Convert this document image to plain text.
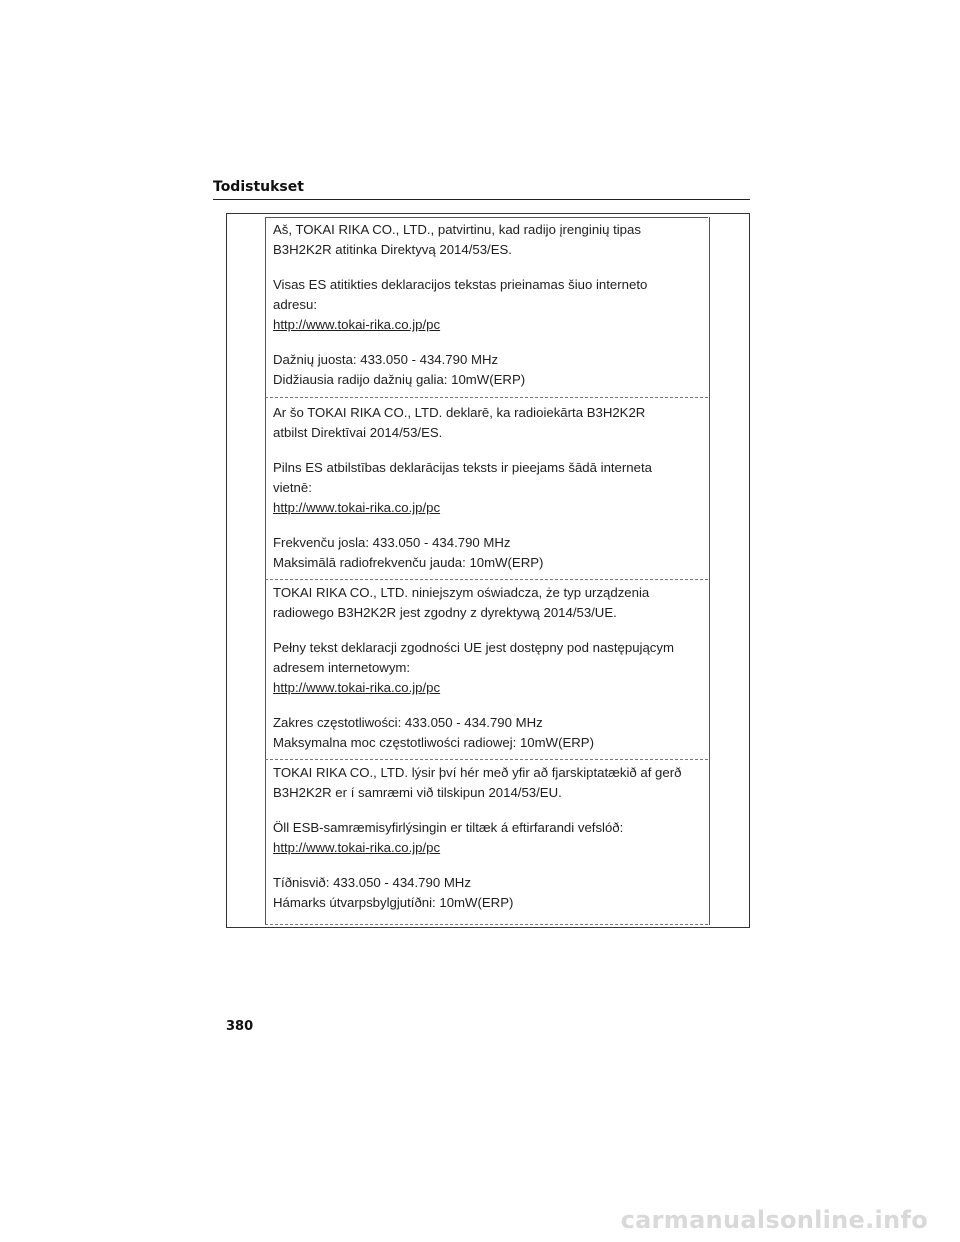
Todistukset

Aš, TOKAI RIKA CO., LTD., patvirtinu, kad radijo įrenginių tipas

B3H2K2R atitinka Direktyvą 2014/53/ES.

Visas ES atitikties deklaracijos tekstas prieinamas šiuo interneto

adresu:

http://www.tokai-rika.co.jp/pc

Dažnių juosta: 433.050 - 434.790 MHz

Didžiausia radijo dažnių galia: 10mW(ERP)

Ar šo TOKAI RIKA CO., LTD. deklarē, ka radioiekārta B3H2K2R

atbilst Direktīvai 2014/53/ES.

Pilns ES atbilstības deklarācijas teksts ir pieejams šādā interneta

vietnē:

http://www.tokai-rika.co.jp/pc

Frekvenču josla: 433.050 - 434.790 MHz

Maksimālā radiofrekvenču jauda: 10mW(ERP)

TOKAI RIKA CO., LTD. niniejszym oświadcza, że typ urządzenia

radiowego B3H2K2R jest zgodny z dyrektywą 2014/53/UE.

Pełny tekst deklaracji zgodności UE jest dostępny pod następującym

adresem internetowym:

http://www.tokai-rika.co.jp/pc

Zakres częstotliwości: 433.050 - 434.790 MHz

Maksymalna moc częstotliwości radiowej: 10mW(ERP)

TOKAI RIKA CO., LTD. lýsir því hér með yfir að fjarskiptatækið af gerð

B3H2K2R er í samræmi við tilskipun 2014/53/EU.

Öll ESB-samræmisyfirlýsingin er tiltæk á eftirfarandi vefslóð:

http://www.tokai-rika.co.jp/pc

Tíðnisvið: 433.050 - 434.790 MHz

Hámarks útvarpsbylgjutíðni: 10mW(ERP)

380
carmanualsonline.info
